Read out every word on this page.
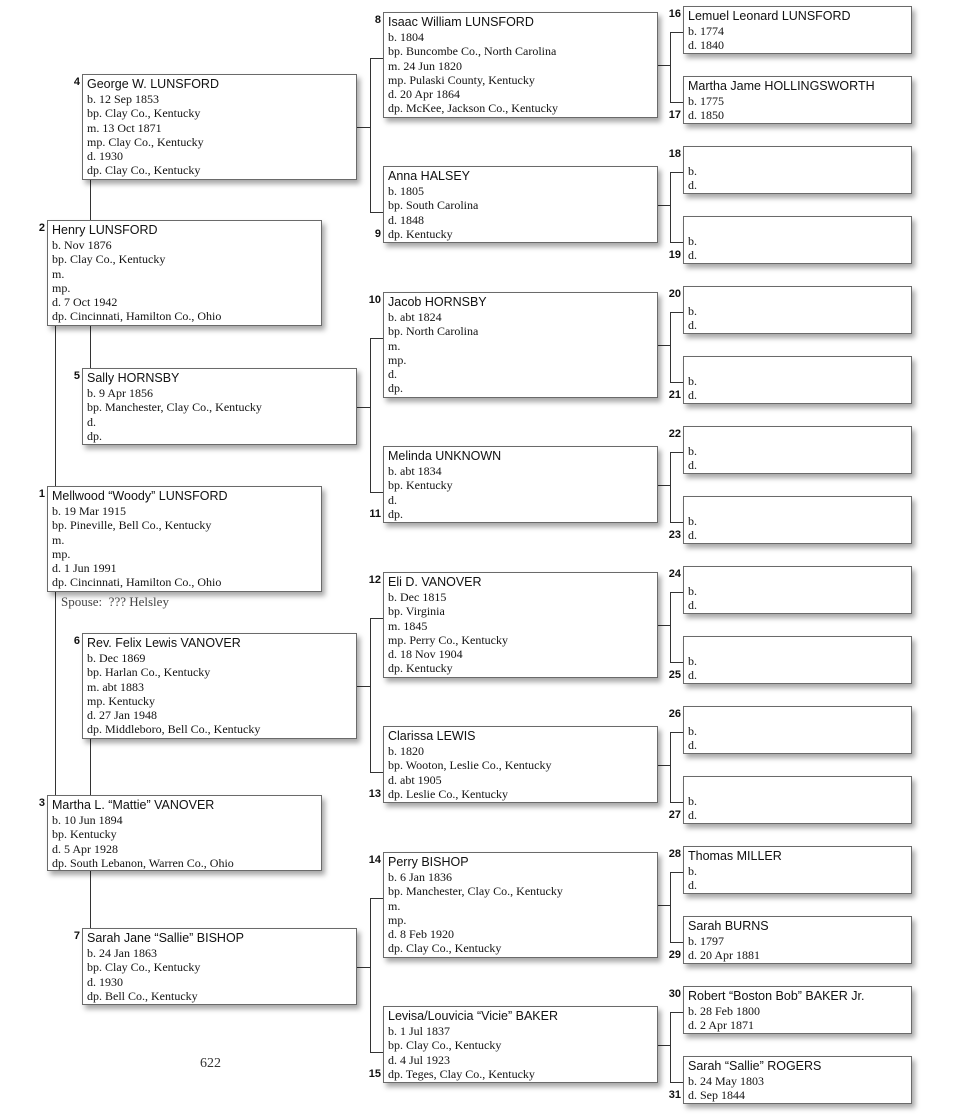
Mellwood “Woody” LUNSFORD
b. 19 Mar 1915
bp. Pineville, Bell Co., Kentucky
m.
mp.
d. 1 Jun 1991
dp. Cincinnati, Hamilton Co., Ohio
1
Henry LUNSFORD
b. Nov 1876
bp. Clay Co., Kentucky
m.
mp.
d. 7 Oct 1942
dp. Cincinnati, Hamilton Co., Ohio
2
Martha L. “Mattie” VANOVER
b. 10 Jun 1894
bp. Kentucky
d. 5 Apr 1928
dp. South Lebanon, Warren Co., Ohio
3
George W. LUNSFORD
b. 12 Sep 1853
bp. Clay Co., Kentucky
m. 13 Oct 1871
mp. Clay Co., Kentucky
d. 1930
dp. Clay Co., Kentucky
4
Sally HORNSBY
b. 9 Apr 1856
bp. Manchester, Clay Co., Kentucky
d.
dp.
5
Rev. Felix Lewis VANOVER
b. Dec 1869
bp. Harlan Co., Kentucky
m. abt 1883
mp. Kentucky
d. 27 Jan 1948
dp. Middleboro, Bell Co., Kentucky
6
Sarah Jane “Sallie” BISHOP
b. 24 Jan 1863
bp. Clay Co., Kentucky
d. 1930
dp. Bell Co., Kentucky
7
Isaac William LUNSFORD
b. 1804
bp. Buncombe Co., North Carolina
m. 24 Jun 1820
mp. Pulaski County, Kentucky
d. 20 Apr 1864
dp. McKee, Jackson Co., Kentucky
8
Anna HALSEY
b. 1805
bp. South Carolina
d. 1848
dp. Kentucky
9
Jacob HORNSBY
b. abt 1824
bp. North Carolina
m.
mp.
d.
dp.
10
Melinda UNKNOWN
b. abt 1834
bp. Kentucky
d.
dp.
11
Eli D. VANOVER
b. Dec 1815
bp. Virginia
m. 1845
mp. Perry Co., Kentucky
d. 18 Nov 1904
dp. Kentucky
12
Clarissa LEWIS
b. 1820
bp. Wooton, Leslie Co., Kentucky
d. abt 1905
dp. Leslie Co., Kentucky
13
Perry BISHOP
b. 6 Jan 1836
bp. Manchester, Clay Co., Kentucky
m.
mp.
d. 8 Feb 1920
dp. Clay Co., Kentucky
14
Levisa/Louvicia “Vicie” BAKER
b. 1 Jul 1837
bp. Clay Co., Kentucky
d. 4 Jul 1923
dp. Teges, Clay Co., Kentucky
15
Lemuel Leonard LUNSFORD
b. 1774
d. 1840
16
Martha Jame HOLLINGSWORTH
b. 1775
d. 1850
17
b.
d.
18
b.
d.
19
b.
d.
20
b.
d.
21
b.
d.
22
b.
d.
23
b.
d.
24
b.
d.
25
b.
d.
26
b.
d.
27
Thomas MILLER
b.
d.
28
Sarah BURNS
b. 1797
d. 20 Apr 1881
29
Robert “Boston Bob” BAKER Jr.
b. 28 Feb 1800
d. 2 Apr 1871
30
Sarah “Sallie” ROGERS
b. 24 May 1803
d. Sep 1844
31
Spouse:  ??? Helsley
622
